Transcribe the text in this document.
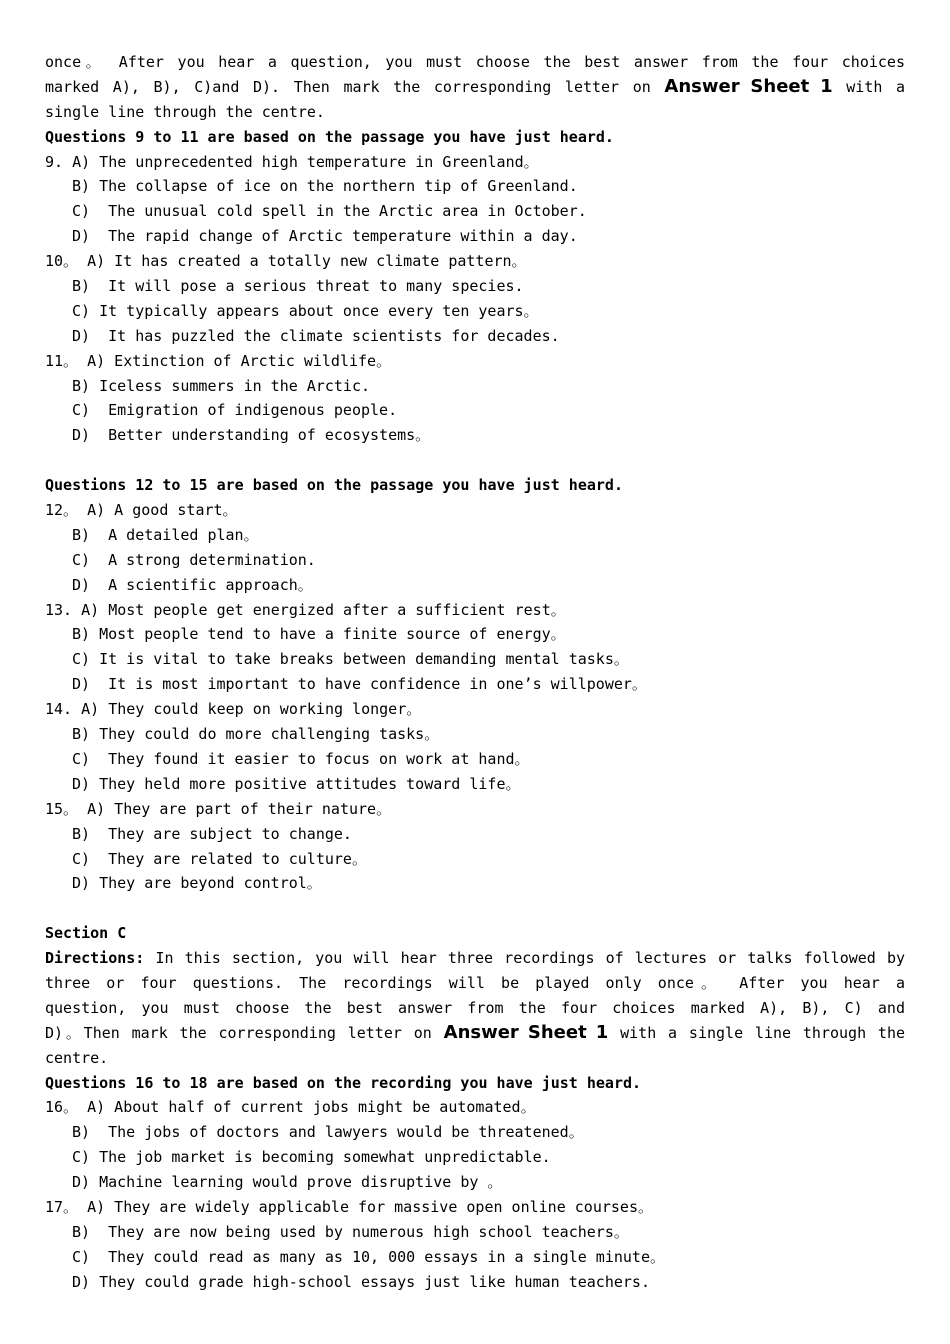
once。 After you hear a question, you must choose the best answer from the four choices
marked A), B), C)and D). Then mark the corresponding letter on Answer Sheet 1 with a
single line through the centre.
Questions 9 to 11 are based on the passage you have just heard.
9. A) The unprecedented high temperature in Greenland。
B) The collapse of ice on the northern tip of Greenland.
C)  The unusual cold spell in the Arctic area in October.
D)  The rapid change of Arctic temperature within a day.
10。 A) It has created a totally new climate pattern。
B)  It will pose a serious threat to many species.
C) It typically appears about once every ten years。
D)  It has puzzled the climate scientists for decades.
11。 A) Extinction of Arctic wildlife。
B) Iceless summers in the Arctic.
C)  Emigration of indigenous people.
D)  Better understanding of ecosystems。
Questions 12 to 15 are based on the passage you have just heard.
12。 A) A good start。
B)  A detailed plan。
C)  A strong determination.
D)  A scientific approach。
13. A) Most people get energized after a sufficient rest。
B) Most people tend to have a finite source of energy。
C) It is vital to take breaks between demanding mental tasks。
D)  It is most important to have confidence in one’s willpower。
14. A) They could keep on working longer。
B) They could do more challenging tasks。
C)  They found it easier to focus on work at hand。
D) They held more positive attitudes toward life。
15。 A) They are part of their nature。
B)  They are subject to change.
C)  They are related to culture。
D) They are beyond control。
Section C
Directions: In this section, you will hear three recordings of lectures or talks followed by
three or four questions. The recordings will be played only once。 After you hear a
question, you must choose the best answer from the four choices marked A), B), C) and
D)。Then mark the corresponding letter on Answer Sheet 1 with a single line through the
centre.
Questions 16 to 18 are based on the recording you have just heard.
16。 A) About half of current jobs might be automated。
B)  The jobs of doctors and lawyers would be threatened。
C) The job market is becoming somewhat unpredictable.
D) Machine learning would prove disruptive by 。
17。 A) They are widely applicable for massive open online courses。
B)  They are now being used by numerous high school teachers。
C)  They could read as many as 10, 000 essays in a single minute。
D) They could grade high-school essays just like human teachers.
